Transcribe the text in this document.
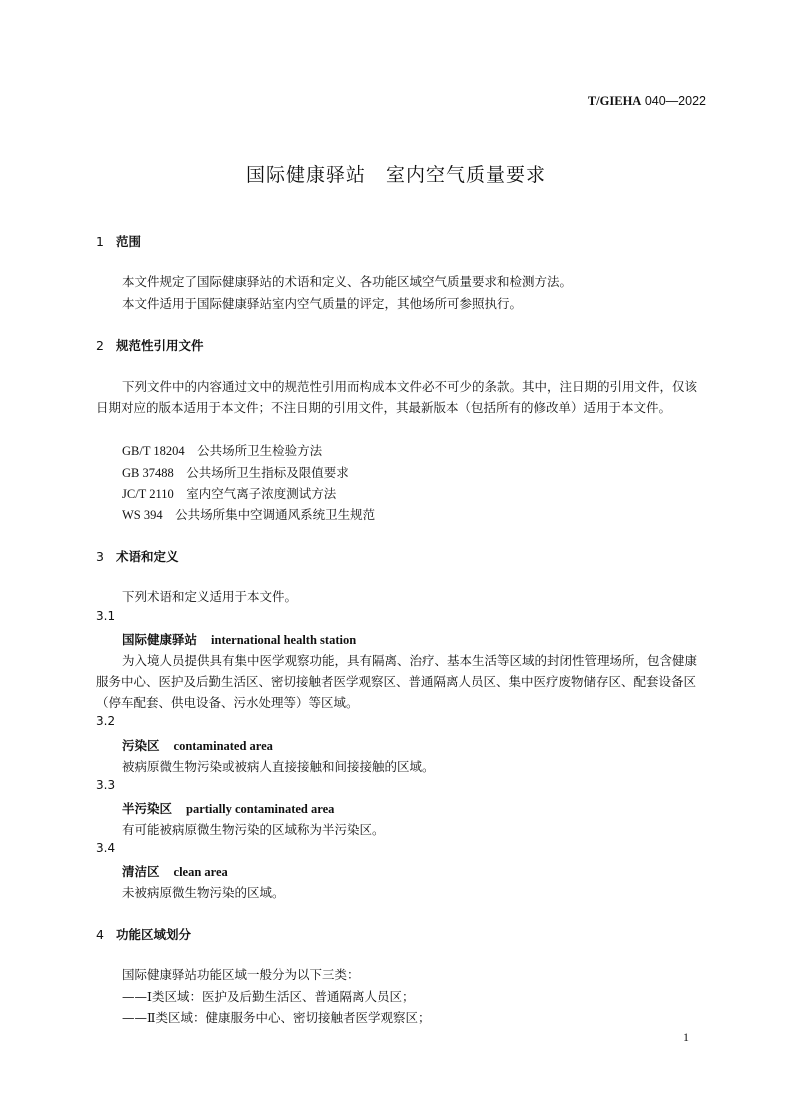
T/GIEHA 040—2022
国际健康驿站　室内空气质量要求
1 范围
本文件规定了国际健康驿站的术语和定义、各功能区域空气质量要求和检测方法。
本文件适用于国际健康驿站室内空气质量的评定，其他场所可参照执行。
2 规范性引用文件
下列文件中的内容通过文中的规范性引用而构成本文件必不可少的条款。其中，注日期的引用文件，仅该日期对应的版本适用于本文件；不注日期的引用文件，其最新版本（包括所有的修改单）适用于本文件。
GB/T 18204　 公共场所卫生检验方法
GB 37488　 公共场所卫生指标及限值要求
JC/T 2110　 室内空气离子浓度测试方法
WS 394　 公共场所集中空调通风系统卫生规范
3 术语和定义
下列术语和定义适用于本文件。
3.1
国际健康驿站 international health station
为入境人员提供具有集中医学观察功能，具有隔离、治疗、基本生活等区域的封闭性管理场所，包含健康服务中心、医护及后勤生活区、密切接触者医学观察区、普通隔离人员区、集中医疗废物储存区、配套设备区（停车配套、供电设备、污水处理等）等区域。
3.2
污染区 contaminated area
被病原微生物污染或被病人直接接触和间接接触的区域。
3.3
半污染区 partially contaminated area
有可能被病原微生物污染的区域称为半污染区。
3.4
清洁区 clean area
未被病原微生物污染的区域。
4 功能区域划分
国际健康驿站功能区域一般分为以下三类：
——Ⅰ类区域：医护及后勤生活区、普通隔离人员区；
——Ⅱ类区域：健康服务中心、密切接触者医学观察区；
1
